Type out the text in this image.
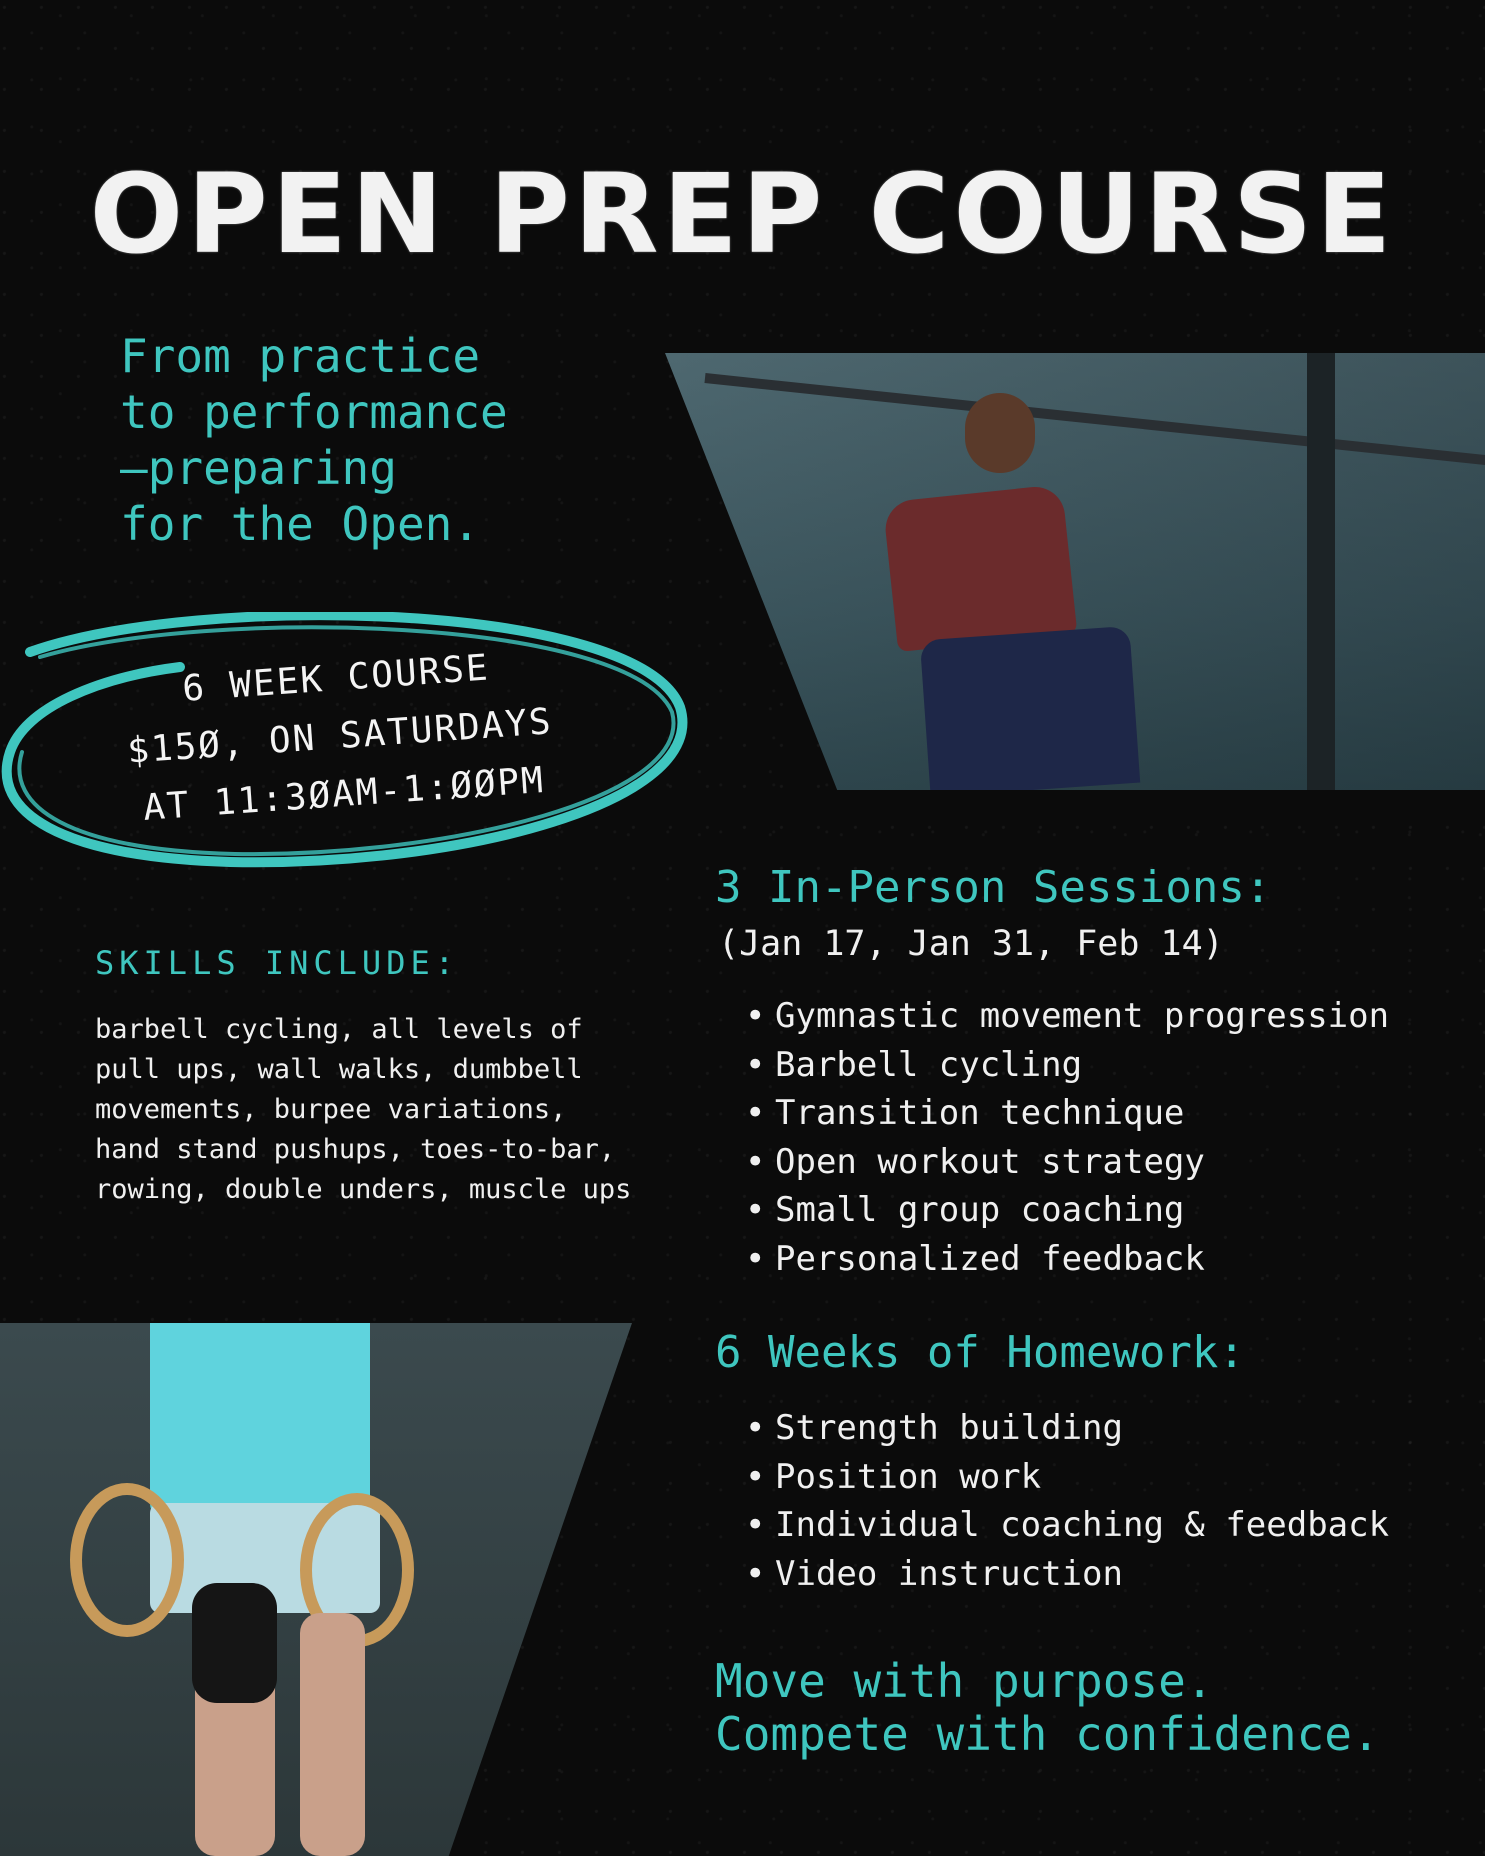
OPEN PREP COURSE
From practice
to performance
—preparing
for the Open.
6 WEEK COURSE
$15Ø, ON SATURDAYS
AT 11:3ØAM-1:ØØPM
SKILLS INCLUDE:
barbell cycling, all levels of pull ups, wall walks, dumbbell movements, burpee variations, hand stand pushups, toes-to-bar, rowing, double unders, muscle ups
3 In-Person Sessions:
(Jan 17, Jan 31, Feb 14)
• Gymnastic movement progression
• Barbell cycling
• Transition technique
• Open workout strategy
• Small group coaching
• Personalized feedback
6 Weeks of Homework:
• Strength building
• Position work
• Individual coaching & feedback
• Video instruction
Move with purpose.
Compete with confidence.
